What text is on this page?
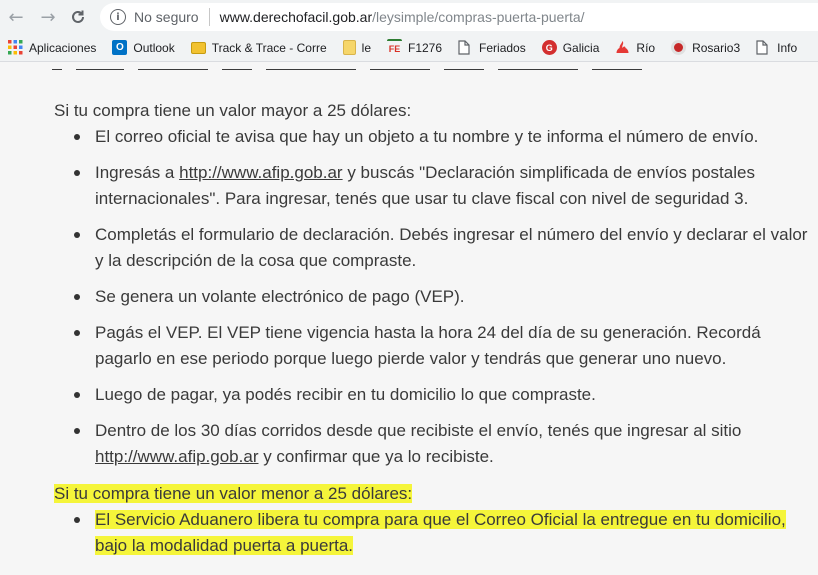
← →	i	No seguro www.derechofacil.gob.ar /leysimple/compras-puerta-puerta/
Aplicaciones	O Outlook	Track & Trace - Corre	le FE F1276	Feriados	G Galicia	Río	Rosario3	Info
Si tu compra tiene un valor mayor a 25 dólares:
El correo oficial te avisa que hay un objeto a tu nombre y te informa el número de envío.
Ingresás a http://www.afip.gob.ar y buscás "Declaración simplificada de envíos postales internacionales". Para ingresar, tenés que usar tu clave fiscal con nivel de seguridad 3.
Completás el formulario de declaración. Debés ingresar el número del envío y declarar el valor y la descripción de la cosa que compraste.
Se genera un volante electrónico de pago (VEP).
Pagás el VEP. El VEP tiene vigencia hasta la hora 24 del día de su generación. Recordá pagarlo en ese periodo porque luego pierde valor y tendrás que generar uno nuevo.
Luego de pagar, ya podés recibir en tu domicilio lo que compraste.
Dentro de los 30 días corridos desde que recibiste el envío, tenés que ingresar al sitio http://www.afip.gob.ar y confirmar que ya lo recibiste.
Si tu compra tiene un valor menor a 25 dólares:
El Servicio Aduanero libera tu compra para que el Correo Oficial la entregue en tu domicilio, bajo la modalidad puerta a puerta.
